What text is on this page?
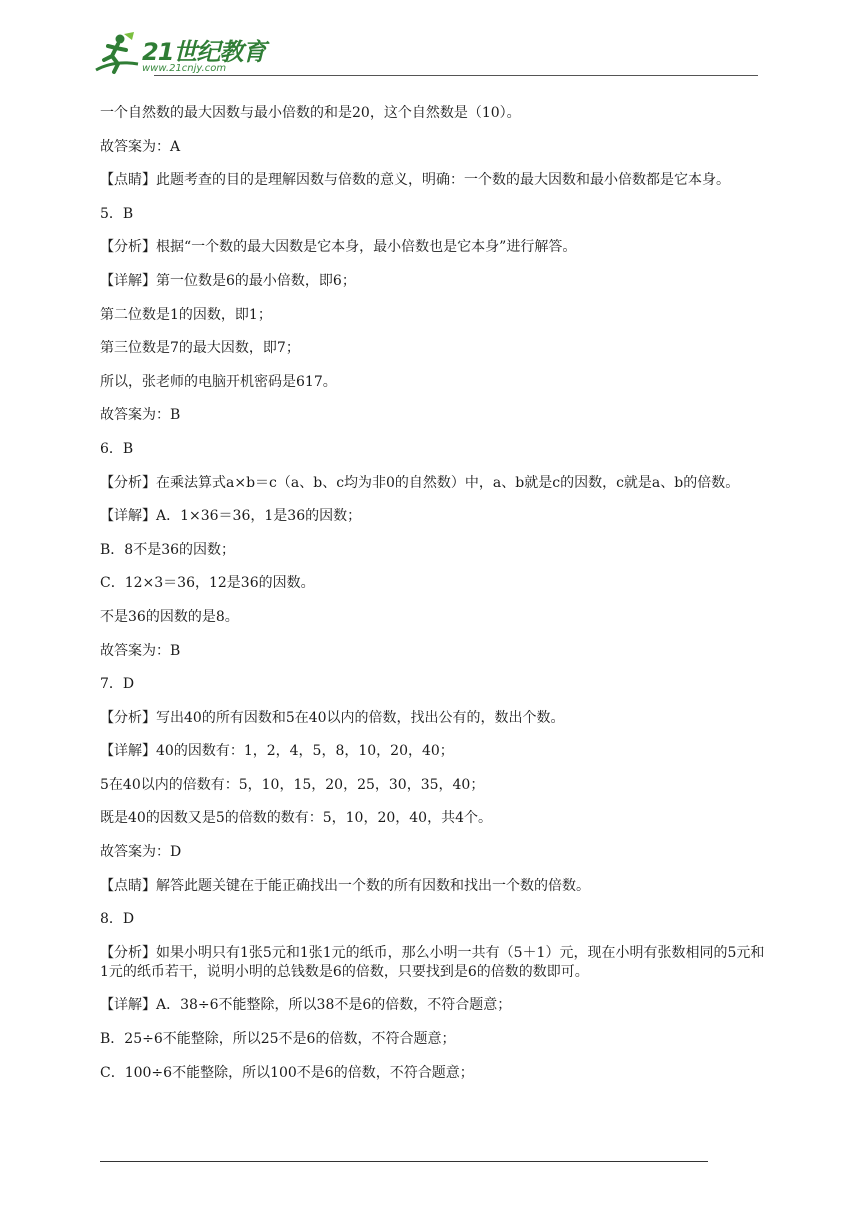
21世纪教育
www.21cnjy.com

一个自然数的最大因数与最小倍数的和是20，这个自然数是（10）。

故答案为：A

【点睛】此题考查的目的是理解因数与倍数的意义，明确：一个数的最大因数和最小倍数都是它本身。

5．B

【分析】根据“一个数的最大因数是它本身，最小倍数也是它本身”进行解答。

【详解】第一位数是6的最小倍数，即6；

第二位数是1的因数，即1；

第三位数是7的最大因数，即7；

所以，张老师的电脑开机密码是617。

故答案为：B

6．B

【分析】在乘法算式a×b＝c（a、b、c均为非0的自然数）中，a、b就是c的因数，c就是a、b的倍数。

【详解】A．1×36＝36，1是36的因数；

B．8不是36的因数；

C．12×3＝36，12是36的因数。

不是36的因数的是8。

故答案为：B

7．D

【分析】写出40的所有因数和5在40以内的倍数，找出公有的，数出个数。

【详解】40的因数有：1，2，4，5，8，10，20，40；

5在40以内的倍数有：5，10，15，20，25，30，35，40；

既是40的因数又是5的倍数的数有：5，10，20，40，共4个。

故答案为：D

【点睛】解答此题关键在于能正确找出一个数的所有因数和找出一个数的倍数。

8．D

【分析】如果小明只有1张5元和1张1元的纸币，那么小明一共有（5＋1）元，现在小明有张数相同的5元和1元的纸币若干，说明小明的总钱数是6的倍数，只要找到是6的倍数的数即可。

【详解】A．38÷6不能整除，所以38不是6的倍数，不符合题意；

B．25÷6不能整除，所以25不是6的倍数，不符合题意；

C．100÷6不能整除，所以100不是6的倍数，不符合题意；
